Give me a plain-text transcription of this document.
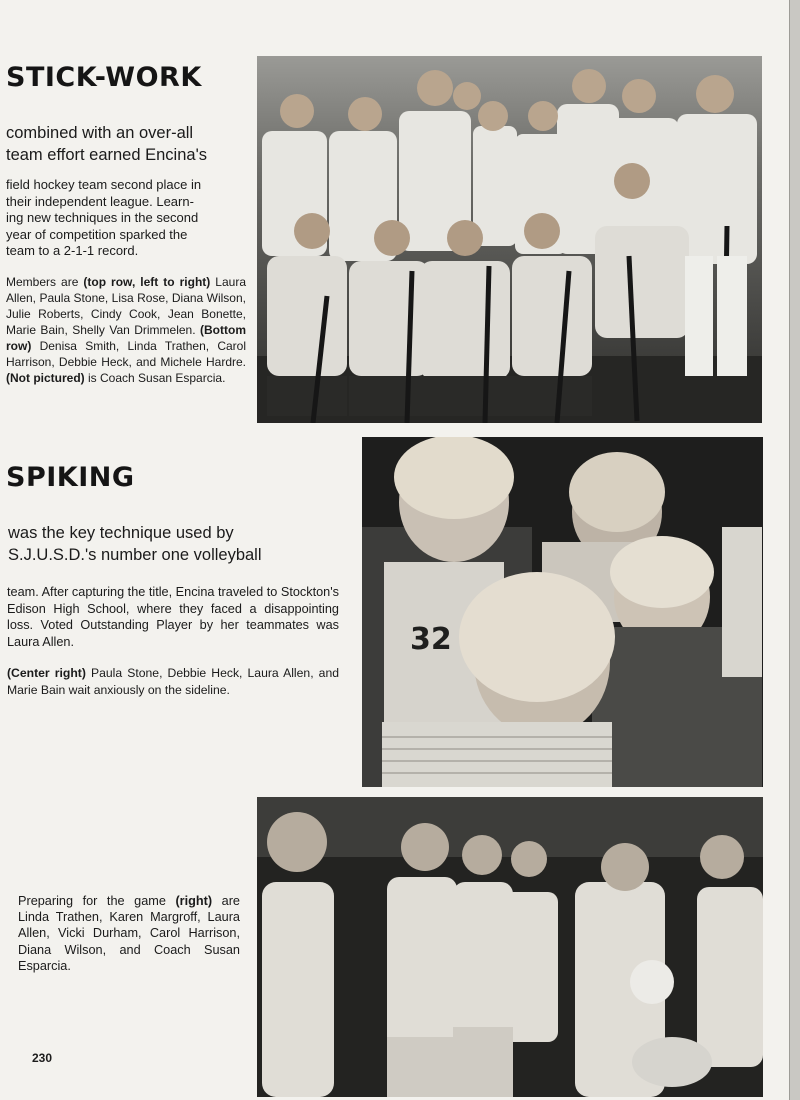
STICK-WORK

combined with an over-all
team effort earned Encina's

field hockey team second place in
their independent league. Learn-
ing new techniques in the second
year of competition sparked the
team to a 2-1-1 record.

Members are (top row, left to right) Laura Allen, Paula Stone, Lisa Rose, Diana Wilson, Julie Roberts, Cindy Cook, Jean Bonette, Marie Bain, Shelly Van Drimmelen. (Bottom row) Denisa Smith, Linda Trathen, Carol Harrison, Debbie Heck, and Michele Hardre. (Not pictured) is Coach Susan Esparcia.

SPIKING

was the key technique used by
S.J.U.S.D.'s number one volleyball

team. After capturing the title, Encina traveled to Stockton's Edison High School, where they faced a disappointing loss. Voted Outstanding Player by her teammates was Laura Allen.

(Center right) Paula Stone, Debbie Heck, Laura Allen, and Marie Bain wait anxiously on the sideline.

32

Preparing for the game (right) are Linda Trathen, Karen Margroff, Laura Allen, Vicki Durham, Carol Harrison, Diana Wilson, and Coach Susan Esparcia.

230
